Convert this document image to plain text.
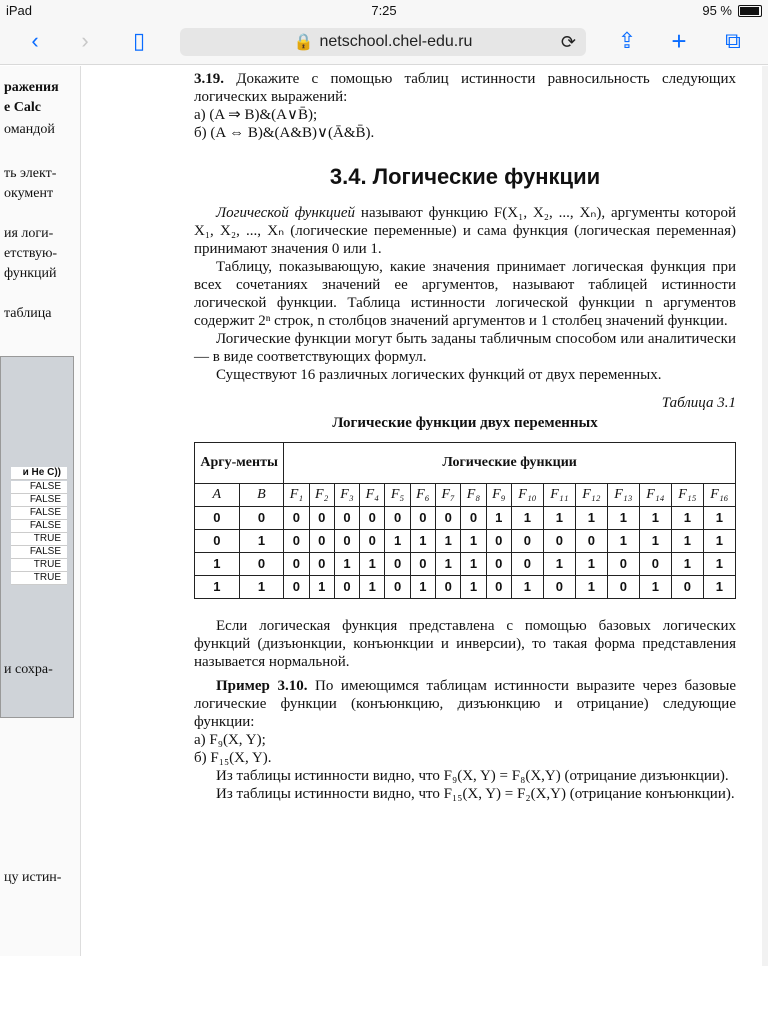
iPad	7:25	95 %
‹	›	▯	🔒 netschool.chel-edu.ru	⟳ ⇪ +	⧉
ражения
е Calc
омандой
ть элект-
окумент
ия логи-
етствую-
функций
таблица
и Не С))
FALSE
FALSE
FALSE
FALSE
TRUE
FALSE
TRUE
TRUE
и сохра-
цу истин-

3.19. Докажите с помощью таблиц истинности равносильность следующих логических выражений:

а) (A ⇒ B)&(A∨B̄);

б) (A ⇔ B)&(A&B)∨(Ā&B̄).

3.4. Логические функции

Логической функцией называют функцию F(X₁, X₂, ..., Xₙ), аргументы которой X₁, X₂, ..., Xₙ (логические переменные) и сама функция (логическая переменная) принимают значения 0 или 1.

Таблицу, показывающую, какие значения принимает логическая функция при всех сочетаниях значений ее аргументов, называют таблицей истинности логической функции. Таблица истинности логической функции n аргументов содержит 2ⁿ строк, n столбцов значений аргументов и 1 столбец значений функции.

Логические функции могут быть заданы табличным способом или аналитически — в виде соответствующих формул.

Существуют 16 различных логических функций от двух переменных.

Таблица 3.1
Логические функции двух переменных
Аргу-менты		Логические функции															
A	B	F₁	F₂	F₃	F₄	F₅	F₆	F₇	F₈	F₉	F₁₀	F₁₁	F₁₂	F₁₃	F₁₄	F₁₅	F₁₆
0	0	0	0	0	0	0	0	0	0	1	1	1	1	1	1	1	1
0	1	0	0	0	0	1	1	1	1	0	0	0	0	1	1	1	1
1	0	0	0	1	1	0	0	1	1	0	0	1	1	0	0	1	1
1	1	0	1	0	1	0	1	0	1	0	1	0	1	0	1	0	1

Если логическая функция представлена с помощью базовых логических функций (дизъюнкции, конъюнкции и инверсии), то такая форма представления называется нормальной.

Пример 3.10. По имеющимся таблицам истинности выразите через базовые логические функции (конъюнкцию, дизъюнкцию и отрицание) следующие функции:

а) F₉(X, Y);

б) F₁₅(X, Y).

Из таблицы истинности видно, что F₉(X, Y) = F₈(X,Y) (отрицание дизъюнкции).

Из таблицы истинности видно, что F₁₅(X, Y) = F₂(X,Y) (отрицание конъюнкции).
